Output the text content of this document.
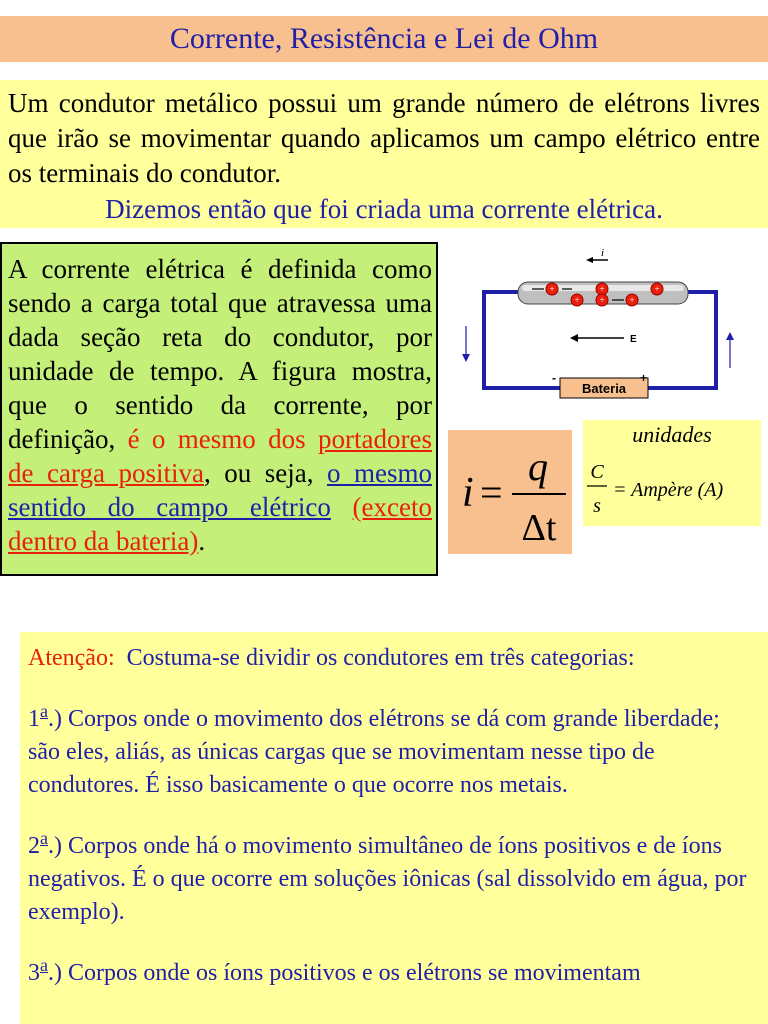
Corrente, Resistência e Lei de Ohm
Um condutor metálico possui um grande número de elétrons livres que irão se movimentar quando aplicamos um campo elétrico entre os terminais do condutor.
Dizemos então que foi criada uma corrente elétrica.
A corrente elétrica é definida como sendo a carga total que atravessa uma dada seção reta do condutor, por unidade de tempo. A figura mostra, que o sentido da corrente, por definição, é o mesmo dos portadores de carga positiva, ou seja, o mesmo sentido do campo elétrico (exceto dentro da bateria).
i
+
+
+
+	+
+
E
Bateria
-	+
i =
q
Δt
unidades
C
s
= Ampère (A)

Atenção: Costuma-se dividir os condutores em três categorias:

1$^a$.) Corpos onde o movimento dos elétrons se dá com grande liberdade; são eles, aliás, as únicas cargas que se movimentam nesse tipo de condutores. É isso basicamente o que ocorre nos metais.

2$^a$.) Corpos onde há o movimento simultâneo de íons positivos e de íons negativos. É o que ocorre em soluções iônicas (sal dissolvido em água, por exemplo).

3$^a$.) Corpos onde os íons positivos e os elétrons se movimentam
